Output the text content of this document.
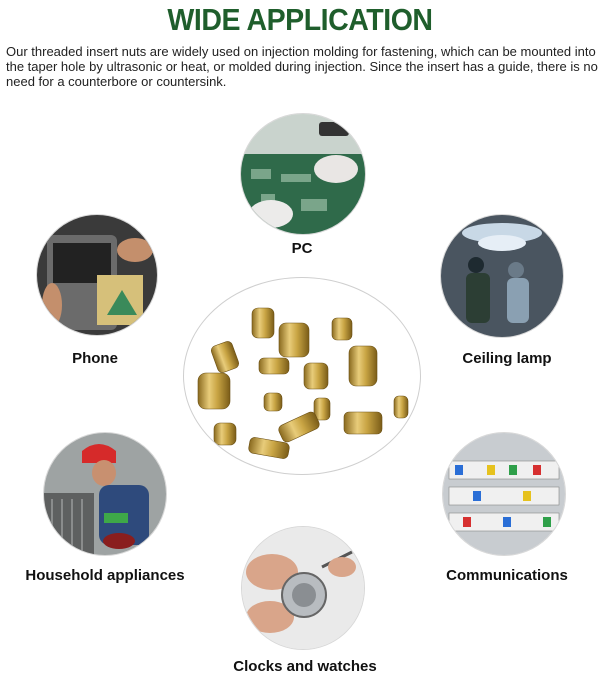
WIDE APPLICATION
Our threaded insert nuts are widely used on injection molding for fastening, which can be mounted into the taper hole by ultrasonic or heat, or molded during injection. Since the insert has a guide, there is no need for a counterbore or countersink.
PC
Phone	Ceiling lamp
Household appliances	Communications
Clocks and watches
